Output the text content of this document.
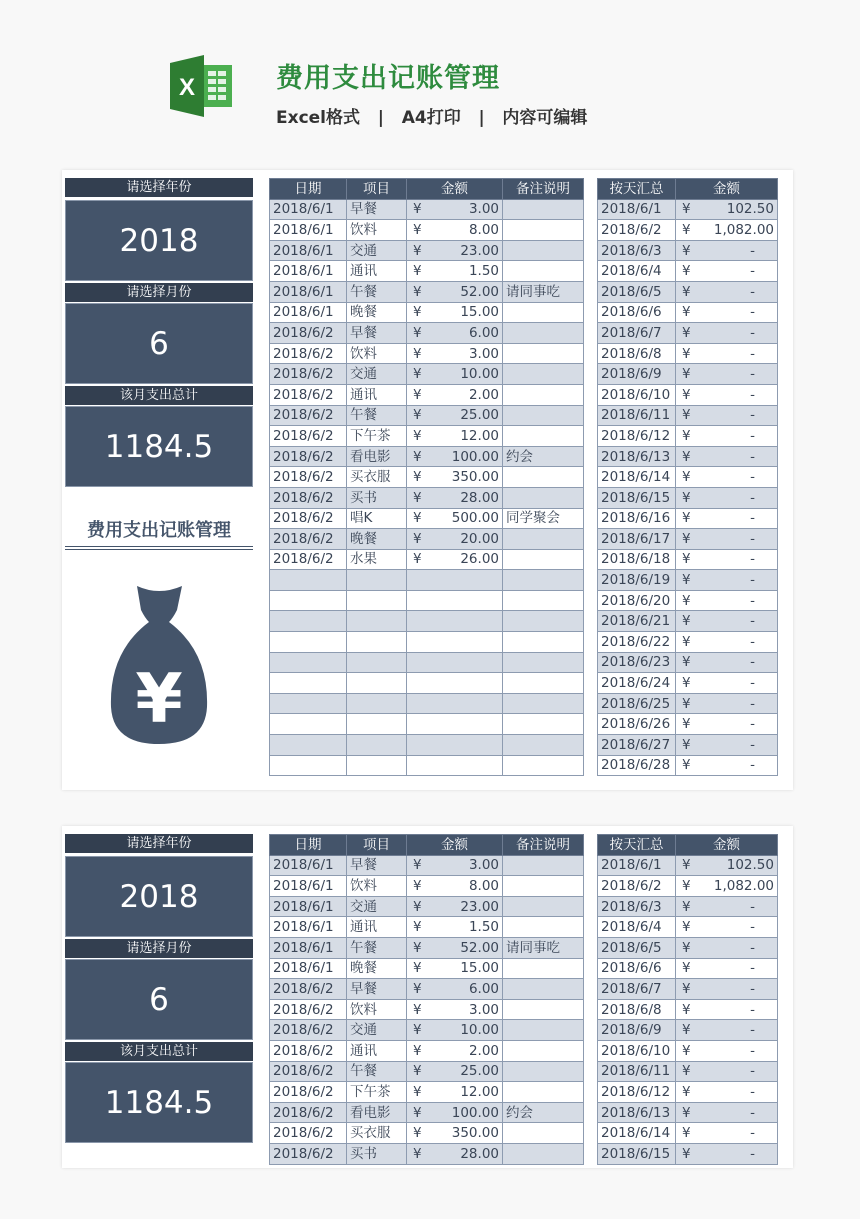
X	费用支出记账管理
Excel格式   |   A4打印   |   内容可编辑
请选择年份
2018
请选择月份
6
该月支出总计
1184.5
费用支出记账管理
¥
日期	项目	金额		备注说明
2018/6/1	早餐	¥	3.00	
2018/6/1	饮料	¥	8.00	
2018/6/1	交通	¥	23.00	
2018/6/1	通讯	¥	1.50	
2018/6/1	午餐	¥	52.00	请同事吃
2018/6/1	晚餐	¥	15.00	
2018/6/2	早餐	¥	6.00	
2018/6/2	饮料	¥	3.00	
2018/6/2	交通	¥	10.00	
2018/6/2	通讯	¥	2.00	
2018/6/2	午餐	¥	25.00	
2018/6/2	下午茶	¥	12.00	
2018/6/2	看电影	¥	100.00	约会
2018/6/2	买衣服	¥	350.00	
2018/6/2	买书	¥	28.00	
2018/6/2	唱K	¥	500.00	同学聚会
2018/6/2	晚餐	¥	20.00	
2018/6/2	水果	¥	26.00	

按天汇总	金额	
2018/6/1	¥	102.50
2018/6/2	¥	1,082.00
2018/6/3	¥	-
2018/6/4	¥	-
2018/6/5	¥	-
2018/6/6	¥	-
2018/6/7	¥	-
2018/6/8	¥	-
2018/6/9	¥	-
2018/6/10	¥	-
2018/6/11	¥	-
2018/6/12	¥	-
2018/6/13	¥	-
2018/6/14	¥	-
2018/6/15	¥	-
2018/6/16	¥	-
2018/6/17	¥	-
2018/6/18	¥	-
2018/6/19	¥	-
2018/6/20	¥	-
2018/6/21	¥	-
2018/6/22	¥	-
2018/6/23	¥	-
2018/6/24	¥	-
2018/6/25	¥	-
2018/6/26	¥	-
2018/6/27	¥	-
2018/6/28	¥	-
请选择年份
2018
请选择月份
6
该月支出总计
1184.5
日期	项目	金额		备注说明
2018/6/1	早餐	¥	3.00	
2018/6/1	饮料	¥	8.00	
2018/6/1	交通	¥	23.00	
2018/6/1	通讯	¥	1.50	
2018/6/1	午餐	¥	52.00	请同事吃
2018/6/1	晚餐	¥	15.00	
2018/6/2	早餐	¥	6.00	
2018/6/2	饮料	¥	3.00	
2018/6/2	交通	¥	10.00	
2018/6/2	通讯	¥	2.00	
2018/6/2	午餐	¥	25.00	
2018/6/2	下午茶	¥	12.00	
2018/6/2	看电影	¥	100.00	约会
2018/6/2	买衣服	¥	350.00	
2018/6/2	买书	¥	28.00	
按天汇总	金额	
2018/6/1	¥	102.50
2018/6/2	¥	1,082.00
2018/6/3	¥	-
2018/6/4	¥	-
2018/6/5	¥	-
2018/6/6	¥	-
2018/6/7	¥	-
2018/6/8	¥	-
2018/6/9	¥	-
2018/6/10	¥	-
2018/6/11	¥	-
2018/6/12	¥	-
2018/6/13	¥	-
2018/6/14	¥	-
2018/6/15	¥	-
